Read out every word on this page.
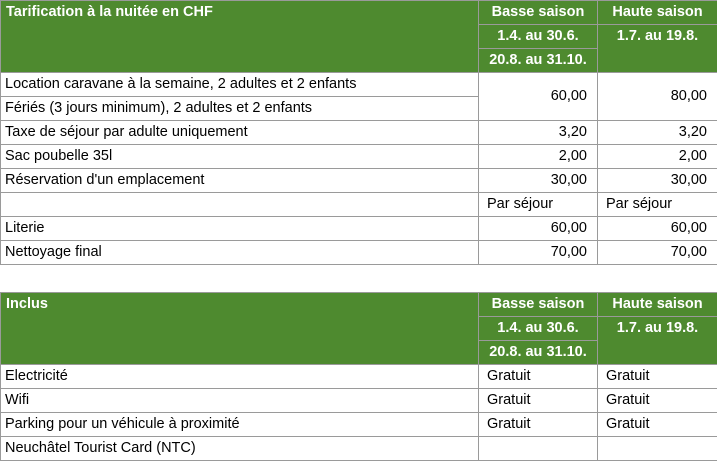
Tarification à la nuitée en CHF	Basse saison	Haute saison
	1.4. au 30.6.	1.7. au 19.8.
	20.8. au 31.10.	
Location caravane à la semaine, 2 adultes et 2 enfants	60,00	80,00
Fériés (3 jours minimum), 2 adultes et 2 enfants		
Taxe de séjour par adulte uniquement	3,20	3,20
Sac poubelle 35l	2,00	2,00
Réservation d'un emplacement	30,00	30,00
	Par séjour	Par séjour
Literie	60,00	60,00
Nettoyage final	70,00	70,00
Inclus	Basse saison	Haute saison
	1.4. au 30.6.	1.7. au 19.8.
	20.8. au 31.10.	
Electricité	Gratuit	Gratuit
Wifi	Gratuit	Gratuit
Parking pour un véhicule à proximité	Gratuit	Gratuit
Neuchâtel Tourist Card (NTC)		
